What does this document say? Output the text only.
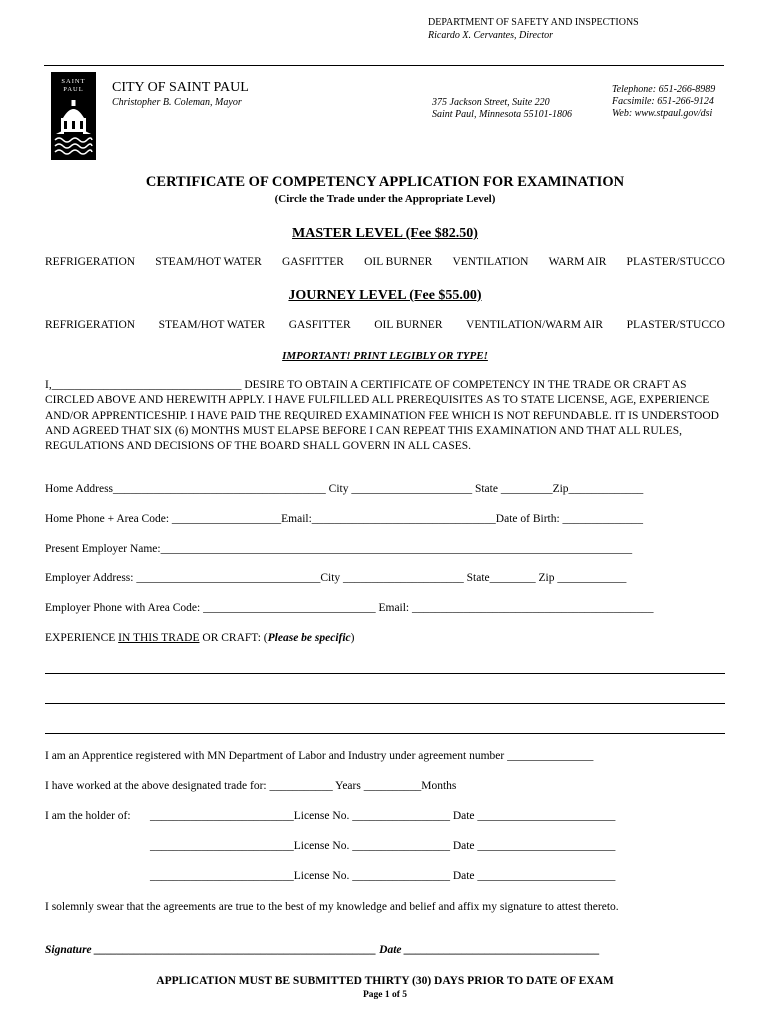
DEPARTMENT OF SAFETY AND INSPECTIONS
Ricardo X. Cervantes, Director
SAINT
PAUL CITY OF SAINT PAUL
Christopher B. Coleman, Mayor	375 Jackson Street, Suite 220
Saint Paul, Minnesota 55101-1806
Telephone: 651-266-8989
Facsimile: 651-266-9124
Web: www.stpaul.gov/dsi
CERTIFICATE OF COMPETENCY APPLICATION FOR EXAMINATION
(Circle the Trade under the Appropriate Level)
MASTER LEVEL (Fee $82.50)
REFRIGERATION STEAM/HOT WATER GASFITTER OIL BURNER VENTILATION WARM AIR PLASTER/STUCCO
JOURNEY LEVEL (Fee $55.00)
REFRIGERATION STEAM/HOT WATER GASFITTER OIL BURNER VENTILATION/WARM AIR PLASTER/STUCCO
IMPORTANT! PRINT LEGIBLY OR TYPE!
I,_________________________________ DESIRE TO OBTAIN A CERTIFICATE OF COMPETENCY IN THE TRADE OR CRAFT AS CIRCLED ABOVE AND HEREWITH APPLY. I HAVE FULFILLED ALL PREREQUISITES AS TO STATE LICENSE, AGE, EXPERIENCE AND/OR APPRENTICESHIP. I HAVE PAID THE REQUIRED EXAMINATION FEE WHICH IS NOT REFUNDABLE. IT IS UNDERSTOOD AND AGREED THAT SIX (6) MONTHS MUST ELAPSE BEFORE I CAN REPEAT THIS EXAMINATION AND THAT ALL RULES, REGULATIONS AND DECISIONS OF THE BOARD SHALL GOVERN IN ALL CASES.
Home Address_____________________________________ City _____________________ State _________Zip_____________
Home Phone + Area Code: ___________________Email:________________________________Date of Birth: ______________
Present Employer Name:__________________________________________________________________________________
Employer Address: ________________________________City _____________________ State________ Zip ____________
Employer Phone with Area Code: ______________________________ Email: __________________________________________
EXPERIENCE IN THIS TRADE OR CRAFT: (Please be specific)
I am an Apprentice registered with MN Department of Labor and Industry under agreement number _______________
I have worked at the above designated trade for: ___________ Years __________Months
I am the holder of:	_________________________License No. _________________ Date ________________________
_________________________License No. _________________ Date ________________________
_________________________License No. _________________ Date ________________________
I solemnly swear that the agreements are true to the best of my knowledge and belief and affix my signature to attest thereto.
Signature _________________________________________________ Date __________________________________
APPLICATION MUST BE SUBMITTED THIRTY (30) DAYS PRIOR TO DATE OF EXAM
Page 1 of 5
